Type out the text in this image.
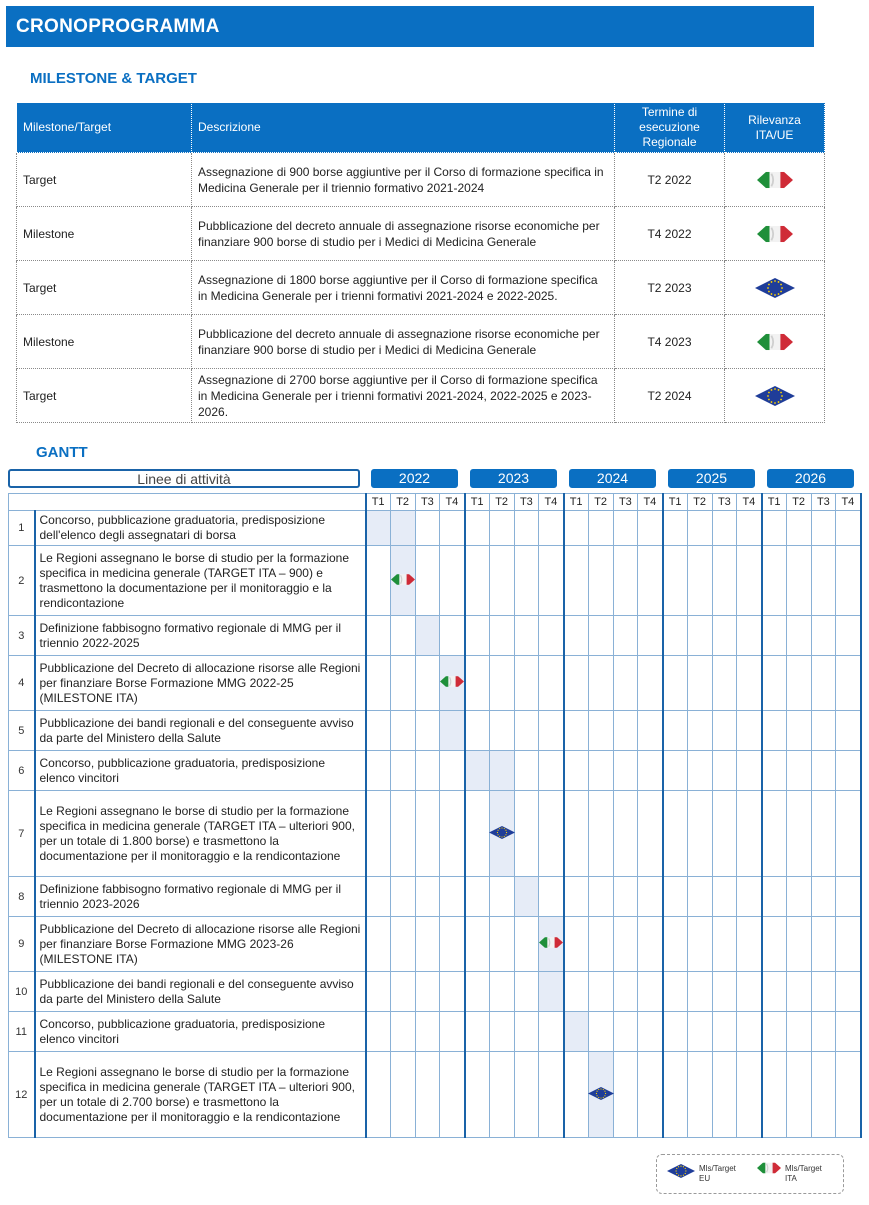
CRONOPROGRAMMA
MILESTONE & TARGET
Milestone/Target	Descrizione	Termine di esecuzione Regionale	Rilevanza ITA/UE
Target	Assegnazione di 900 borse aggiuntive per il Corso di formazione specifica in Medicina Generale per il triennio formativo 2021-2024	T2 2022	

Milestone	Pubblicazione del decreto annuale di assegnazione risorse economiche per finanziare 900 borse di studio per i Medici di Medicina Generale	T4 2022	

Target	Assegnazione di 1800 borse aggiuntive per il Corso di formazione specifica in Medicina Generale per i trienni formativi 2021-2024 e 2022-2025.	T2 2023	

Milestone	Pubblicazione del decreto annuale di assegnazione risorse economiche per finanziare 900 borse di studio per i Medici di Medicina Generale	T4 2023	

Target	Assegnazione di 2700 borse aggiuntive per il Corso di formazione specifica in Medicina Generale per i trienni formativi 2021-2024, 2022-2025 e 2023-2026.	T2 2024	
GANTT
Linee di attività	2022	2023	2024	2025	2026
		T1	T2	T3	T4	T1	T2	T3	T4	T1	T2	T3	T4	T1	T2	T3	T4	T1	T2	T3	T4
1	Concorso, pubblicazione graduatoria, predisposizione dell'elenco degli assegnatari di borsa																				
2	Le Regioni assegnano le borse di studio per la formazione specifica in medicina generale (TARGET ITA – 900) e trasmettono la documentazione per il monitoraggio e la rendicontazione		

3	Definizione fabbisogno formativo regionale di MMG per il triennio 2022-2025																				
4	Pubblicazione del Decreto di allocazione risorse alle Regioni per finanziare Borse Formazione MMG 2022-25 (MILESTONE ITA)				

5	Pubblicazione dei bandi regionali e del conseguente avviso da parte del Ministero della Salute																				
6	Concorso, pubblicazione graduatoria, predisposizione elenco vincitori																				
7	Le Regioni assegnano le borse di studio per la formazione specifica in medicina generale (TARGET ITA – ulteriori 900, per un totale di 1.800 borse) e trasmettono la documentazione per il monitoraggio e la rendicontazione						

8	Definizione fabbisogno formativo regionale di MMG per il triennio 2023-2026																				
9	Pubblicazione del Decreto di allocazione risorse alle Regioni per finanziare Borse Formazione MMG 2023-26 (MILESTONE ITA)								

10	Pubblicazione dei bandi regionali e del conseguente avviso da parte del Ministero della Salute																				
11	Concorso, pubblicazione graduatoria, predisposizione elenco vincitori																				
12	Le Regioni assegnano le borse di studio per la formazione specifica in medicina generale (TARGET ITA – ulteriori 900, per un totale di 2.700 borse) e trasmettono la documentazione per il monitoraggio e la rendicontazione										

Mls/Target
EU
Mls/Target
ITA
